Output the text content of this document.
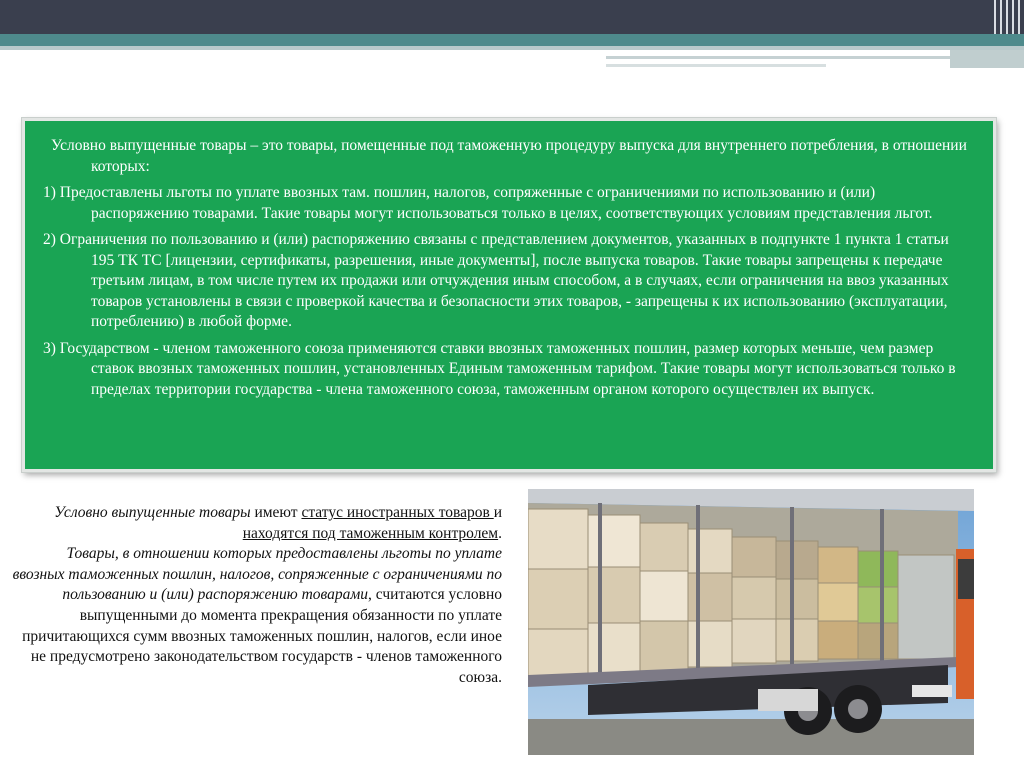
Условно выпущенные товары – это товары, помещенные под таможенную процедуру выпуска для внутреннего потребления, в отношении которых:

1) Предоставлены льготы по уплате ввозных там. пошлин, налогов, сопряженные с ограничениями по использованию и (или) распоряжению товарами. Такие товары могут использоваться только в целях, соответствующих условиям представления льгот.

2) Ограничения по пользованию и (или) распоряжению связаны с представлением документов, указанных в подпункте 1 пункта 1 статьи 195 ТК ТС [лицензии, сертификаты, разрешения, иные документы], после выпуска товаров. Такие товары запрещены к передаче третьим лицам, в том числе путем их продажи или отчуждения иным способом, а в случаях, если ограничения на ввоз указанных товаров установлены в связи с проверкой качества и безопасности этих товаров, - запрещены к их использованию (эксплуатации, потреблению) в любой форме.

3) Государством - членом таможенного союза применяются ставки ввозных таможенных пошлин, размер которых меньше, чем размер ставок ввозных таможенных пошлин, установленных Единым таможенным тарифом. Такие товары могут использоваться только в пределах территории государства - члена таможенного союза, таможенным органом которого осуществлен их выпуск.

Условно выпущенные товары имеют статус иностранных товаров и находятся под таможенным контролем.
Товары, в отношении которых предоставлены льготы по уплате ввозных таможенных пошлин, налогов, сопряженные с ограничениями по пользованию и (или) распоряжению товарами, считаются условно выпущенными до момента прекращения обязанности по уплате причитающихся сумм ввозных таможенных пошлин, налогов, если иное не предусмотрено законодательством государств - членов таможенного союза.
